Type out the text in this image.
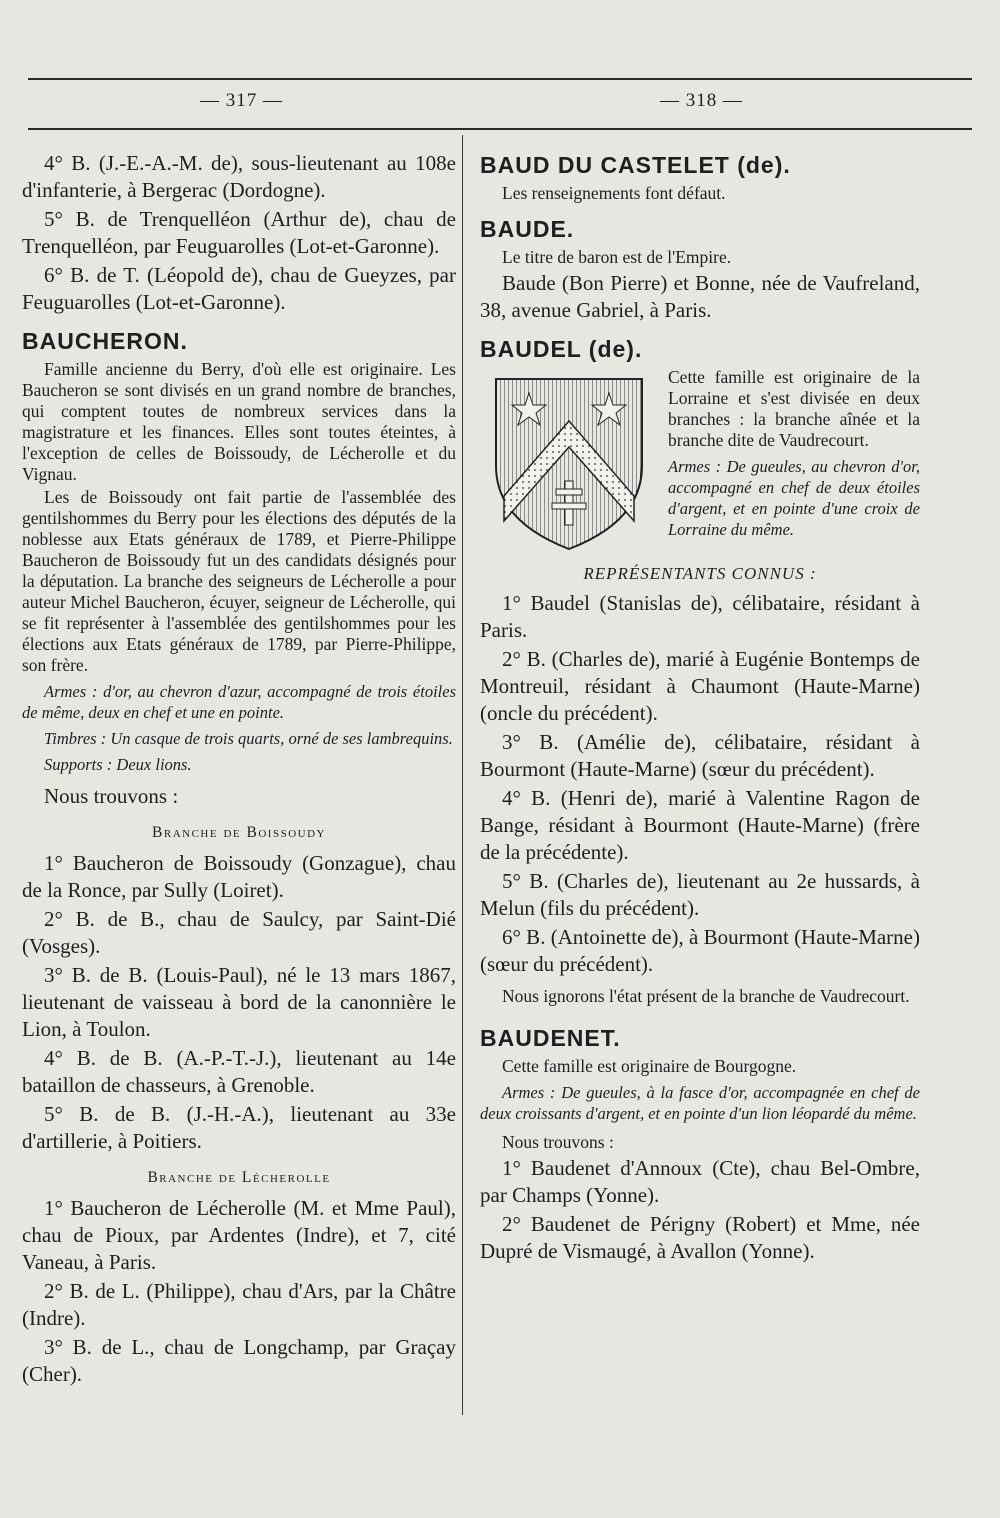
— 317 —	— 318 —

4° B. (J.-E.-A.-M. de), sous-lieutenant au 108e d'infanterie, à Bergerac (Dordogne).

5° B. de Trenquelléon (Arthur de), chau de Trenquelléon, par Feuguarolles (Lot-et-Garonne).

6° B. de T. (Léopold de), chau de Gueyzes, par Feuguarolles (Lot-et-Garonne).

BAUCHERON.

Famille ancienne du Berry, d'où elle est originaire. Les Baucheron se sont divisés en un grand nombre de branches, qui comptent toutes de nombreux services dans la magistrature et les finances. Elles sont toutes éteintes, à l'exception de celles de Boissoudy, de Lécherolle et du Vignau.

Les de Boissoudy ont fait partie de l'assemblée des gentilshommes du Berry pour les élections des députés de la noblesse aux Etats généraux de 1789, et Pierre-Philippe Baucheron de Boissoudy fut un des candidats désignés pour la députation. La branche des seigneurs de Lécherolle a pour auteur Michel Baucheron, écuyer, seigneur de Lécherolle, qui se fit représenter à l'assemblée des gentilshommes pour les élections aux Etats généraux de 1789, par Pierre-Philippe, son frère.

Armes : d'or, au chevron d'azur, accompagné de trois étoiles de même, deux en chef et une en pointe.

Timbres : Un casque de trois quarts, orné de ses lambrequins.

Supports : Deux lions.

Nous trouvons :

Branche de Boissoudy

1° Baucheron de Boissoudy (Gonzague), chau de la Ronce, par Sully (Loiret).

2° B. de B., chau de Saulcy, par Saint-Dié (Vosges).

3° B. de B. (Louis-Paul), né le 13 mars 1867, lieutenant de vaisseau à bord de la canonnière le Lion, à Toulon.

4° B. de B. (A.-P.-T.-J.), lieutenant au 14e bataillon de chasseurs, à Grenoble.

5° B. de B. (J.-H.-A.), lieutenant au 33e d'artillerie, à Poitiers.

Branche de Lécherolle

1° Baucheron de Lécherolle (M. et Mme Paul), chau de Pioux, par Ardentes (Indre), et 7, cité Vaneau, à Paris.

2° B. de L. (Philippe), chau d'Ars, par la Châtre (Indre).

3° B. de L., chau de Longchamp, par Graçay (Cher).

BAUD DU CASTELET (de).

Les renseignements font défaut.

BAUDE.

Le titre de baron est de l'Empire.

Baude (Bon Pierre) et Bonne, née de Vaufreland, 38, avenue Gabriel, à Paris.

BAUDEL (de).

Cette famille est originaire de la Lorraine et s'est divisée en deux branches : la branche aînée et la branche dite de Vaudrecourt.

Armes : De gueules, au chevron d'or, accompagné en chef de deux étoiles d'argent, et en pointe d'une croix de Lorraine du même.

REPRÉSENTANTS CONNUS :

1° Baudel (Stanislas de), célibataire, résidant à Paris.

2° B. (Charles de), marié à Eugénie Bontemps de Montreuil, résidant à Chaumont (Haute-Marne) (oncle du précédent).

3° B. (Amélie de), célibataire, résidant à Bourmont (Haute-Marne) (sœur du précédent).

4° B. (Henri de), marié à Valentine Ragon de Bange, résidant à Bourmont (Haute-Marne) (frère de la précédente).

5° B. (Charles de), lieutenant au 2e hussards, à Melun (fils du précédent).

6° B. (Antoinette de), à Bourmont (Haute-Marne) (sœur du précédent).

Nous ignorons l'état présent de la branche de Vaudrecourt.

BAUDENET.

Cette famille est originaire de Bourgogne.

Armes : De gueules, à la fasce d'or, accompagnée en chef de deux croissants d'argent, et en pointe d'un lion léopardé du même.

Nous trouvons :

1° Baudenet d'Annoux (Cte), chau Bel-Ombre, par Champs (Yonne).

2° Baudenet de Périgny (Robert) et Mme, née Dupré de Vismaugé, à Avallon (Yonne).
